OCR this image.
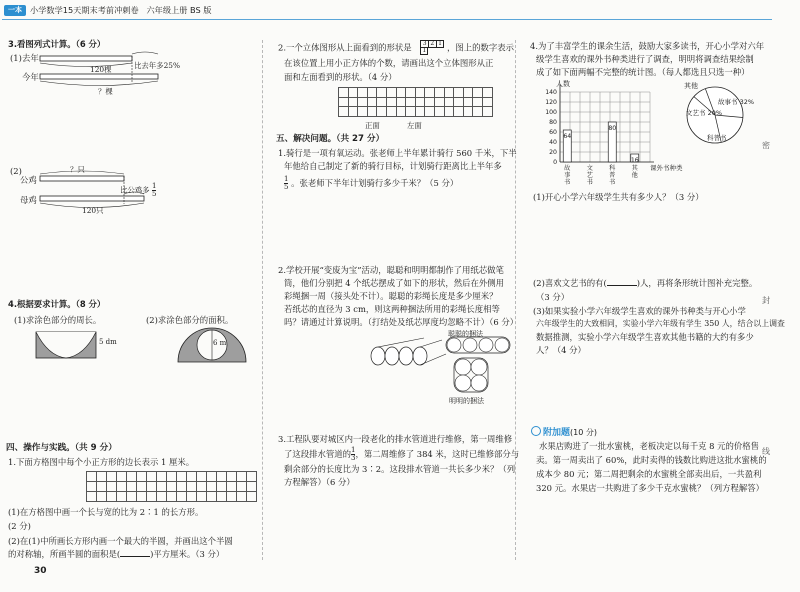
一本 小学数学15天期末考前冲刺卷 六年级上册 BS 版
3.看图列式计算。（6 分）
(1) 去年
今年
120棵	比去年多25%
？棵
(2)	？只
公鸡
母鸡
比公鸡多 $\frac{1}{5}$
120只
4.根据要求计算。（8 分）
(1)求涂色部分的周长。	(2)求涂色部分的面积。
5 dm	6 m
四、操作与实践。（共 9 分）
1.下面方格图中每个小正方形的边长表示 1 厘米。
(1)在方格图中画一个长与宽的比为 2∶1 的长方形。
(2 分)
(2)在(1)中所画长方形内画一个最大的半圆，并画出这个半圆
的对称轴，所画半圆的面积是(	)平方厘米。（3 分）
30
2.一个立体图形从上面看到的形状是 $\frac{3 2 1}{1}$ ，图上的数字表示
在该位置上用小正方体的个数，请画出这个立体图形从正
面和左面看到的形状。（4 分）
正面	左面
五、解决问题。（共 27 分）
1.骑行是一项有氧运动。张老师上半年累计骑行 560 千米，下半
年他给自己制定了新的骑行目标，计划骑行距离比上半年多
$\frac{1}{5}$ 。张老师下半年计划骑行多少千米？（5 分）
2.学校开展“变废为宝”活动，聪聪和明明都制作了用纸芯做笔
筒，他们分别把 4 个纸芯摆成了如下的形状，然后在外侧用
彩绳捆一周（接头处不计）。聪聪的彩绳长度是多少厘米？
若纸芯的直径为 3 cm，则这两种捆法所用的彩绳长度相等
吗？请通过计算说明。（打结处及纸芯厚度均忽略不计）（6 分）
聪聪的捆法
明明的捆法
3.工程队要对城区内一段老化的排水管道进行维修，第一周维修
了这段排水管道的 $\frac{1}{3}$ ，第二周维修了 384 米，这时已维修部分与
剩余部分的长度比为 3∶2。这段排水管道一共长多少米？（列
方程解答）（6 分）
4.为了丰富学生的课余生活，鼓励大家多读书，开心小学对六年
级学生喜欢的课外书种类进行了调查，明明将调查结果绘制
成了如下面两幅不完整的统计图。（每人都选且只选一种）
人数
0
20
40
60
80
100
120
140
64
80
16
故
事
书
文
艺
书
科
普
书
其
他
课外书种类
其他
故事书 32%
文艺书 20%
科普书
(1)开心小学六年级学生共有多少人？（3 分）
(2)喜欢文艺书的有(	)人，再将条形统计图补充完整。
（3 分）
(3)如果实验小学六年级学生喜欢的课外书种类与开心小学
六年级学生的大致相同，实验小学六年级有学生 350 人，结合以上调查
数据推测，实验小学六年级学生喜欢其他书籍的大约有多少
人？（4 分）
附加题(10 分)
水果店购进了一批水蜜桃，老板决定以每千克 8 元的价格售
卖。第一周卖出了 60%，此时卖得的钱数比购进这批水蜜桃的
成本少 80 元；第二周把剩余的水蜜桃全部卖出后，一共盈利
320 元。水果店一共购进了多少千克水蜜桃？（列方程解答）
密
封
线
